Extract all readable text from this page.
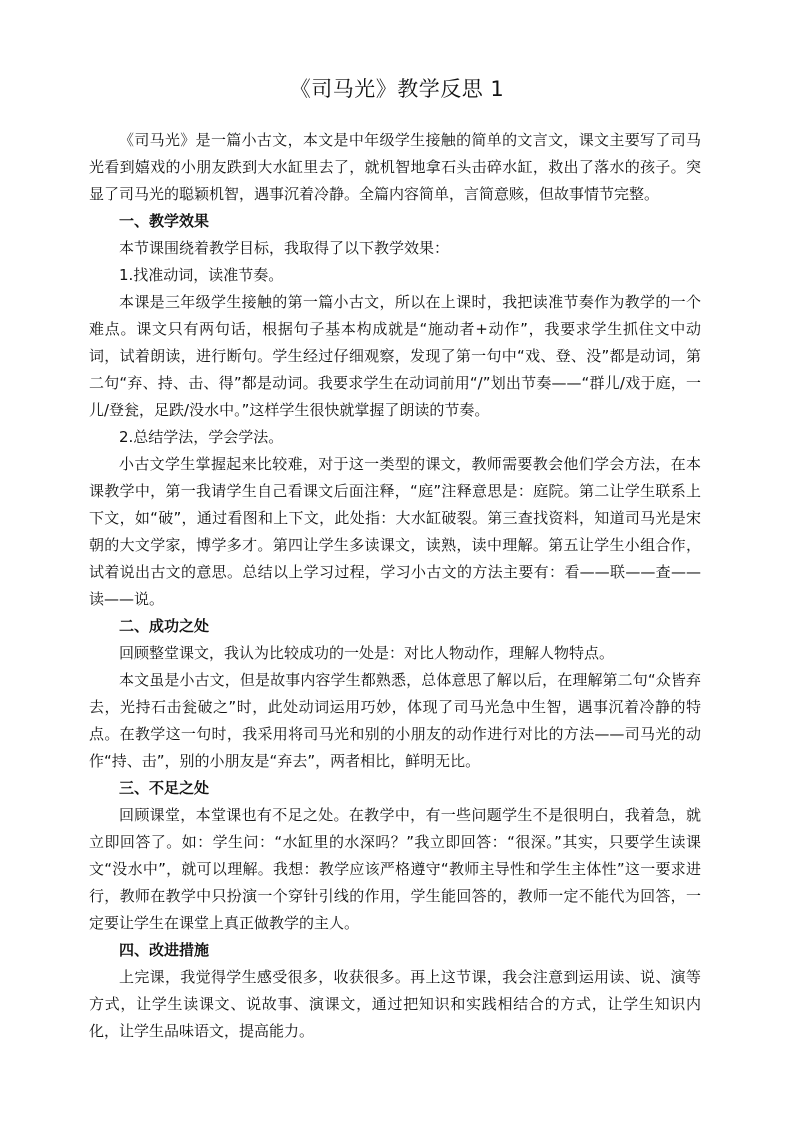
《司马光》教学反思 1

《司马光》是一篇小古文，本文是中年级学生接触的简单的文言文，课文主要写了司马光看到嬉戏的小朋友跌到大水缸里去了，就机智地拿石头击碎水缸，救出了落水的孩子。突显了司马光的聪颖机智，遇事沉着冷静。全篇内容简单，言简意赅，但故事情节完整。

一、教学效果

本节课围绕着教学目标，我取得了以下教学效果：

1.找准动词，读准节奏。

本课是三年级学生接触的第一篇小古文，所以在上课时，我把读准节奏作为教学的一个难点。课文只有两句话，根据句子基本构成就是“施动者+动作”，我要求学生抓住文中动词，试着朗读，进行断句。学生经过仔细观察，发现了第一句中“戏、登、没”都是动词，第二句“弃、持、击、得”都是动词。我要求学生在动词前用“/”划出节奏——“群儿/戏于庭，一儿/登瓮，足跌/没水中。”这样学生很快就掌握了朗读的节奏。

2.总结学法，学会学法。

小古文学生掌握起来比较难，对于这一类型的课文，教师需要教会他们学会方法，在本课教学中，第一我请学生自己看课文后面注释，“庭”注释意思是：庭院。第二让学生联系上下文，如“破”，通过看图和上下文，此处指：大水缸破裂。第三查找资料，知道司马光是宋朝的大文学家，博学多才。第四让学生多读课文，读熟，读中理解。第五让学生小组合作，试着说出古文的意思。总结以上学习过程，学习小古文的方法主要有：看——联——查——读——说。

二、成功之处

回顾整堂课文，我认为比较成功的一处是：对比人物动作，理解人物特点。

本文虽是小古文，但是故事内容学生都熟悉，总体意思了解以后，在理解第二句“众皆弃去，光持石击瓮破之”时，此处动词运用巧妙，体现了司马光急中生智，遇事沉着冷静的特点。在教学这一句时，我采用将司马光和别的小朋友的动作进行对比的方法——司马光的动作“持、击”，别的小朋友是“弃去”，两者相比，鲜明无比。

三、不足之处

回顾课堂，本堂课也有不足之处。在教学中，有一些问题学生不是很明白，我着急，就立即回答了。如：学生问：“水缸里的水深吗？”我立即回答：“很深。”其实，只要学生读课文“没水中”，就可以理解。我想：教学应该严格遵守“教师主导性和学生主体性”这一要求进行，教师在教学中只扮演一个穿针引线的作用，学生能回答的，教师一定不能代为回答，一定要让学生在课堂上真正做教学的主人。

四、改进措施

上完课，我觉得学生感受很多，收获很多。再上这节课，我会注意到运用读、说、演等方式，让学生读课文、说故事、演课文，通过把知识和实践相结合的方式，让学生知识内化，让学生品味语文，提高能力。
